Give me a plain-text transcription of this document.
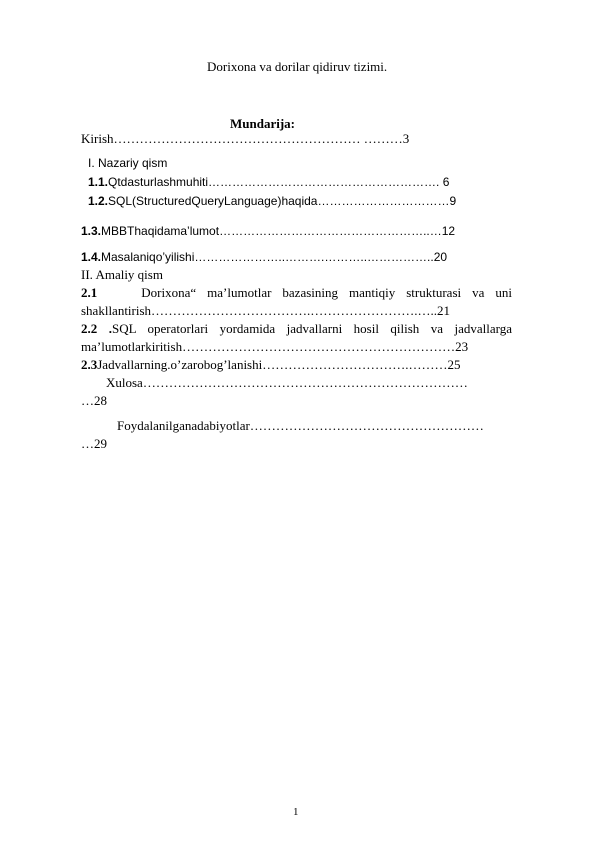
Dorixona va dorilar qidiruv tizimi.
Mundarija:
Kirish………………………………………………… ………3
I. Nazariy qism
1.1.Qtdasturlashmuhiti…………………………………………………. 6
1.2.SQL(StructuredQueryLanguage)haqida……………………………9
1.3.MBBThaqidama’lumot……………………………………………..…12
1.4.Masalaniqo’yilishi…………………..……….………..……………..20
II. Amaliy qism
2.1	Dorixona“ ma’lumotlar bazasining mantiqiy strukturasi va uni
shakllantirish……………………………….…………………….…..21
2.2 .SQL operatorlari yordamida jadvallarni hosil qilish va jadvallarga
ma’lumotlarkiritish………………………………………………………23
2.3Jadvallarning.o’zarobog’lanishi…………………………….………25
Xulosa…………………………………………………………………
…28
Foydalanilganadabiyotlar………………………………………………
…29
1
